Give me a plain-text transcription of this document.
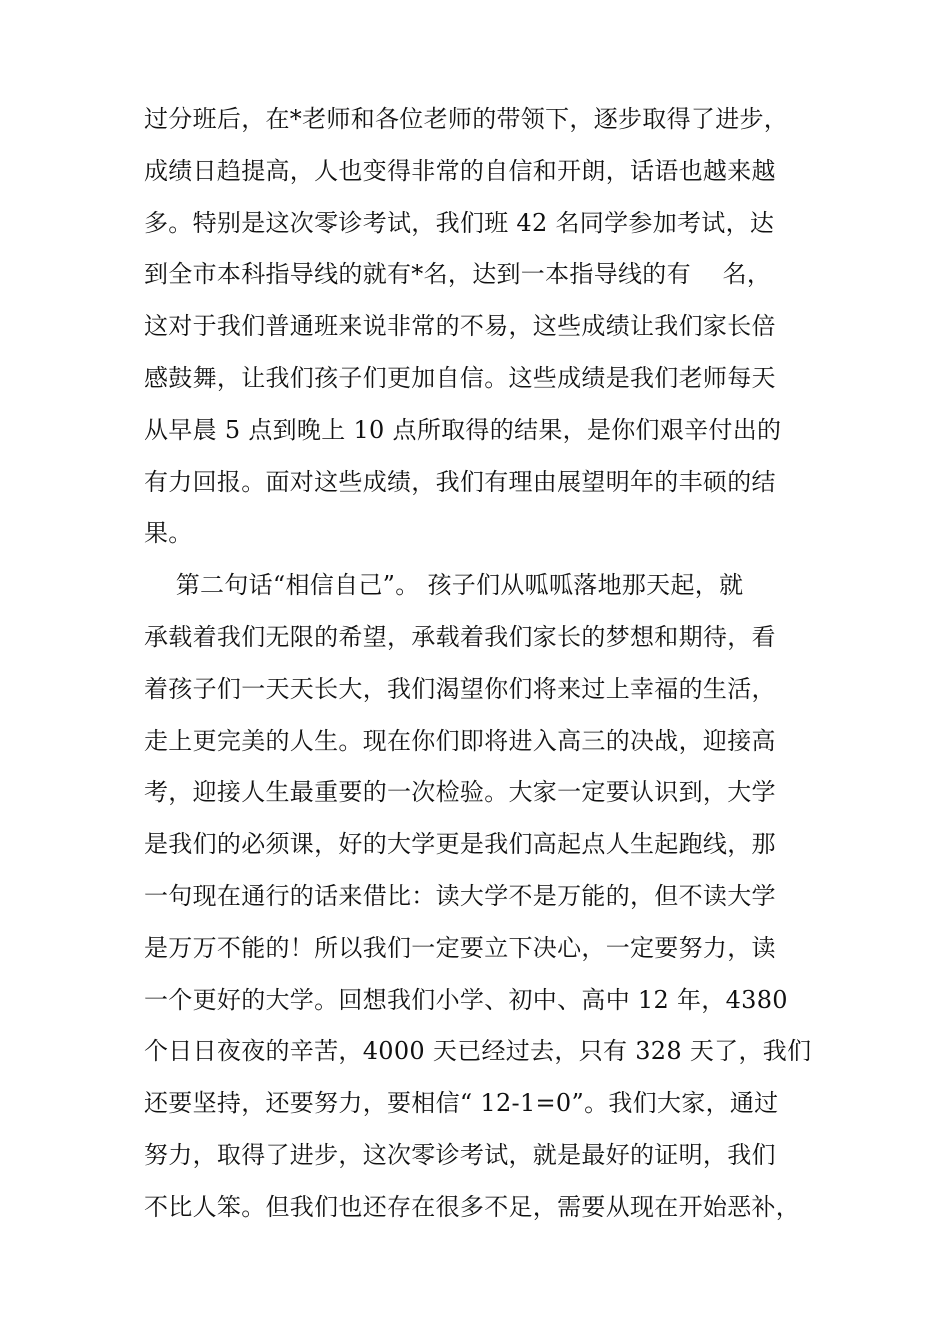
过分班后，在*老师和各位老师的带领下，逐步取得了进步，
成绩日趋提高，人也变得非常的自信和开朗，话语也越来越
多。特别是这次零诊考试，我们班 42 名同学参加考试，达
到全市本科指导线的就有*名，达到一本指导线的有    名，
这对于我们普通班来说非常的不易，这些成绩让我们家长倍
感鼓舞，让我们孩子们更加自信。这些成绩是我们老师每天
从早晨 5 点到晚上 10 点所取得的结果，是你们艰辛付出的
有力回报。面对这些成绩，我们有理由展望明年的丰硕的结
果。
第二句话“相信自己”。 孩子们从呱呱落地那天起，就
承载着我们无限的希望，承载着我们家长的梦想和期待，看
着孩子们一天天长大，我们渴望你们将来过上幸福的生活，
走上更完美的人生。现在你们即将进入高三的决战，迎接高
考，迎接人生最重要的一次检验。大家一定要认识到，大学
是我们的必须课，好的大学更是我们高起点人生起跑线，那
一句现在通行的话来借比：读大学不是万能的，但不读大学
是万万不能的！所以我们一定要立下决心，一定要努力，读
一个更好的大学。回想我们小学、初中、高中 12 年，4380
个日日夜夜的辛苦，4000 天已经过去，只有 328 天了，我们
还要坚持，还要努力，要相信“ 12-1=0”。我们大家，通过
努力，取得了进步，这次零诊考试，就是最好的证明，我们
不比人笨。但我们也还存在很多不足，需要从现在开始恶补，
